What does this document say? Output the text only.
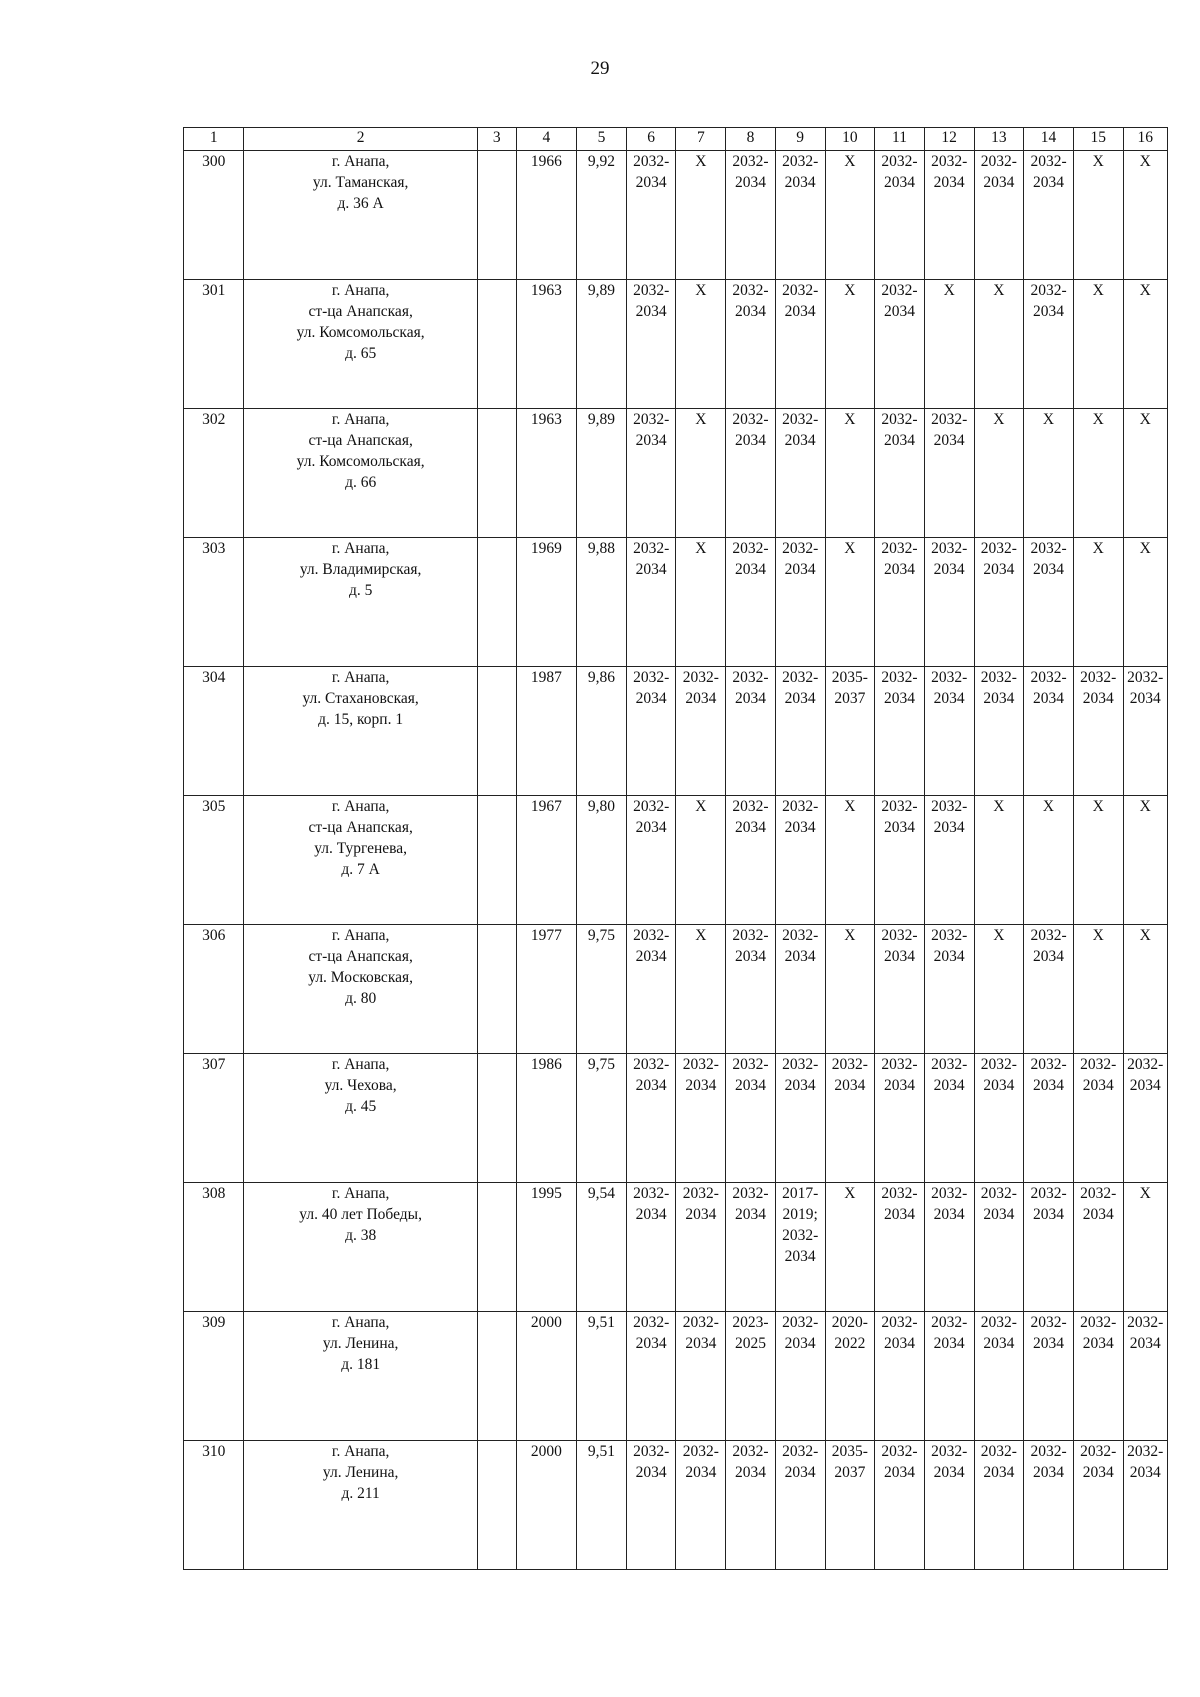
29
1	2	3	4	5	6	7	8	9	10	11	12	13	14	15	16
300	г. Анапа,
ул. Таманская,
д. 36 А		1966	9,92	2032-
2034	Х	2032-
2034	2032-
2034	Х	2032-
2034	2032-
2034	2032-
2034	2032-
2034	Х	Х

301	г. Анапа,
ст-ца Анапская,
ул. Комсомольская,
д. 65		1963	9,89	2032-
2034	Х	2032-
2034	2032-
2034	Х	2032-
2034	Х	Х	2032-
2034	Х	Х

302	г. Анапа,
ст-ца Анапская,
ул. Комсомольская,
д. 66		1963	9,89	2032-
2034	Х	2032-
2034	2032-
2034	Х	2032-
2034	2032-
2034	Х	Х	Х	Х

303	г. Анапа,
ул. Владимирская,
д. 5		1969	9,88	2032-
2034	Х	2032-
2034	2032-
2034	Х	2032-
2034	2032-
2034	2032-
2034	2032-
2034	Х	Х

304	г. Анапа,
ул. Стахановская,
д. 15, корп. 1		1987	9,86	2032-
2034	2032-
2034	2032-
2034	2032-
2034	2035-
2037	2032-
2034	2032-
2034	2032-
2034	2032-
2034	2032-
2034	2032-
2034

305	г. Анапа,
ст-ца Анапская,
ул. Тургенева,
д. 7 А		1967	9,80	2032-
2034	Х	2032-
2034	2032-
2034	Х	2032-
2034	2032-
2034	Х	Х	Х	Х

306	г. Анапа,
ст-ца Анапская,
ул. Московская,
д. 80		1977	9,75	2032-
2034	Х	2032-
2034	2032-
2034	Х	2032-
2034	2032-
2034	Х	2032-
2034	Х	Х

307	г. Анапа,
ул. Чехова,
д. 45		1986	9,75	2032-
2034	2032-
2034	2032-
2034	2032-
2034	2032-
2034	2032-
2034	2032-
2034	2032-
2034	2032-
2034	2032-
2034	2032-
2034

308	г. Анапа,
ул. 40 лет Победы,
д. 38		1995	9,54	2032-
2034	2032-
2034	2032-
2034	2017-
2019;
2032-
2034	Х	2032-
2034	2032-
2034	2032-
2034	2032-
2034	2032-
2034	Х

309	г. Анапа,
ул. Ленина,
д. 181		2000	9,51	2032-
2034	2032-
2034	2023-
2025	2032-
2034	2020-
2022	2032-
2034	2032-
2034	2032-
2034	2032-
2034	2032-
2034	2032-
2034

310	г. Анапа,
ул. Ленина,
д. 211		2000	9,51	2032-
2034	2032-
2034	2032-
2034	2032-
2034	2035-
2037	2032-
2034	2032-
2034	2032-
2034	2032-
2034	2032-
2034	2032-
2034
